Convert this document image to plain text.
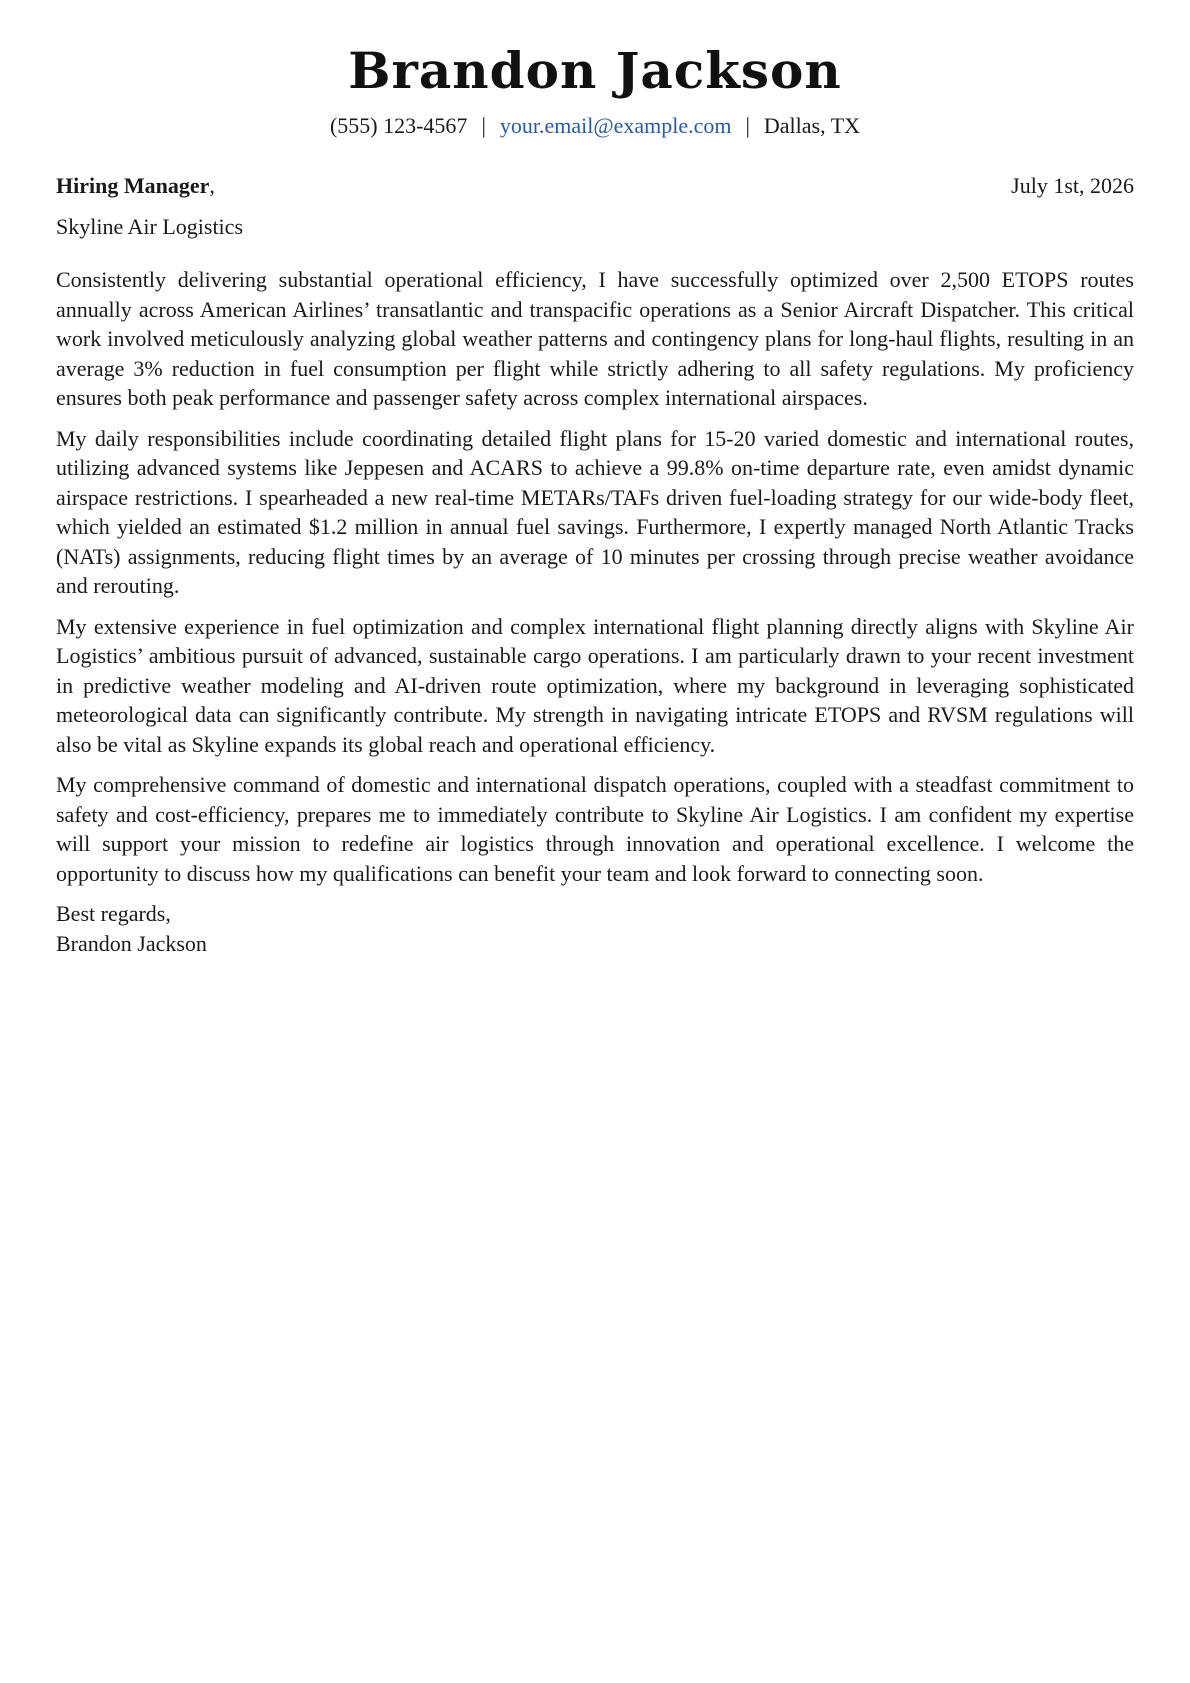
Brandon Jackson
(555) 123-4567 | your.email@example.com | Dallas, TX
Hiring Manager,	July 1st, 2026
Skyline Air Logistics

Consistently delivering substantial operational efficiency, I have successfully optimized over 2,500 ETOPS routes annually across American Airlines’ transatlantic and transpacific operations as a Senior Aircraft Dispatcher. This critical work involved meticulously analyzing global weather patterns and contingency plans for long-haul flights, resulting in an average 3% reduction in fuel consumption per flight while strictly adhering to all safety regulations. My proficiency ensures both peak performance and passenger safety across complex international airspaces.

My daily responsibilities include coordinating detailed flight plans for 15-20 varied domestic and international routes, utilizing advanced systems like Jeppesen and ACARS to achieve a 99.8% on-time departure rate, even amidst dynamic airspace restrictions. I spearheaded a new real-time METARs/TAFs driven fuel-loading strategy for our wide-body fleet, which yielded an estimated $1.2 million in annual fuel savings. Furthermore, I expertly managed North Atlantic Tracks (NATs) assignments, reducing flight times by an average of 10 minutes per crossing through precise weather avoidance and rerouting.

My extensive experience in fuel optimization and complex international flight planning directly aligns with Skyline Air Logistics’ ambitious pursuit of advanced, sustainable cargo operations. I am particularly drawn to your recent investment in predictive weather modeling and AI-driven route optimization, where my background in leveraging sophisticated meteorological data can significantly contribute. My strength in navigating intricate ETOPS and RVSM regulations will also be vital as Skyline expands its global reach and operational efficiency.

My comprehensive command of domestic and international dispatch operations, coupled with a steadfast commitment to safety and cost-efficiency, prepares me to immediately contribute to Skyline Air Logistics. I am confident my expertise will support your mission to redefine air logistics through innovation and operational excellence. I welcome the opportunity to discuss how my qualifications can benefit your team and look forward to connecting soon.

Best regards,
Brandon Jackson
